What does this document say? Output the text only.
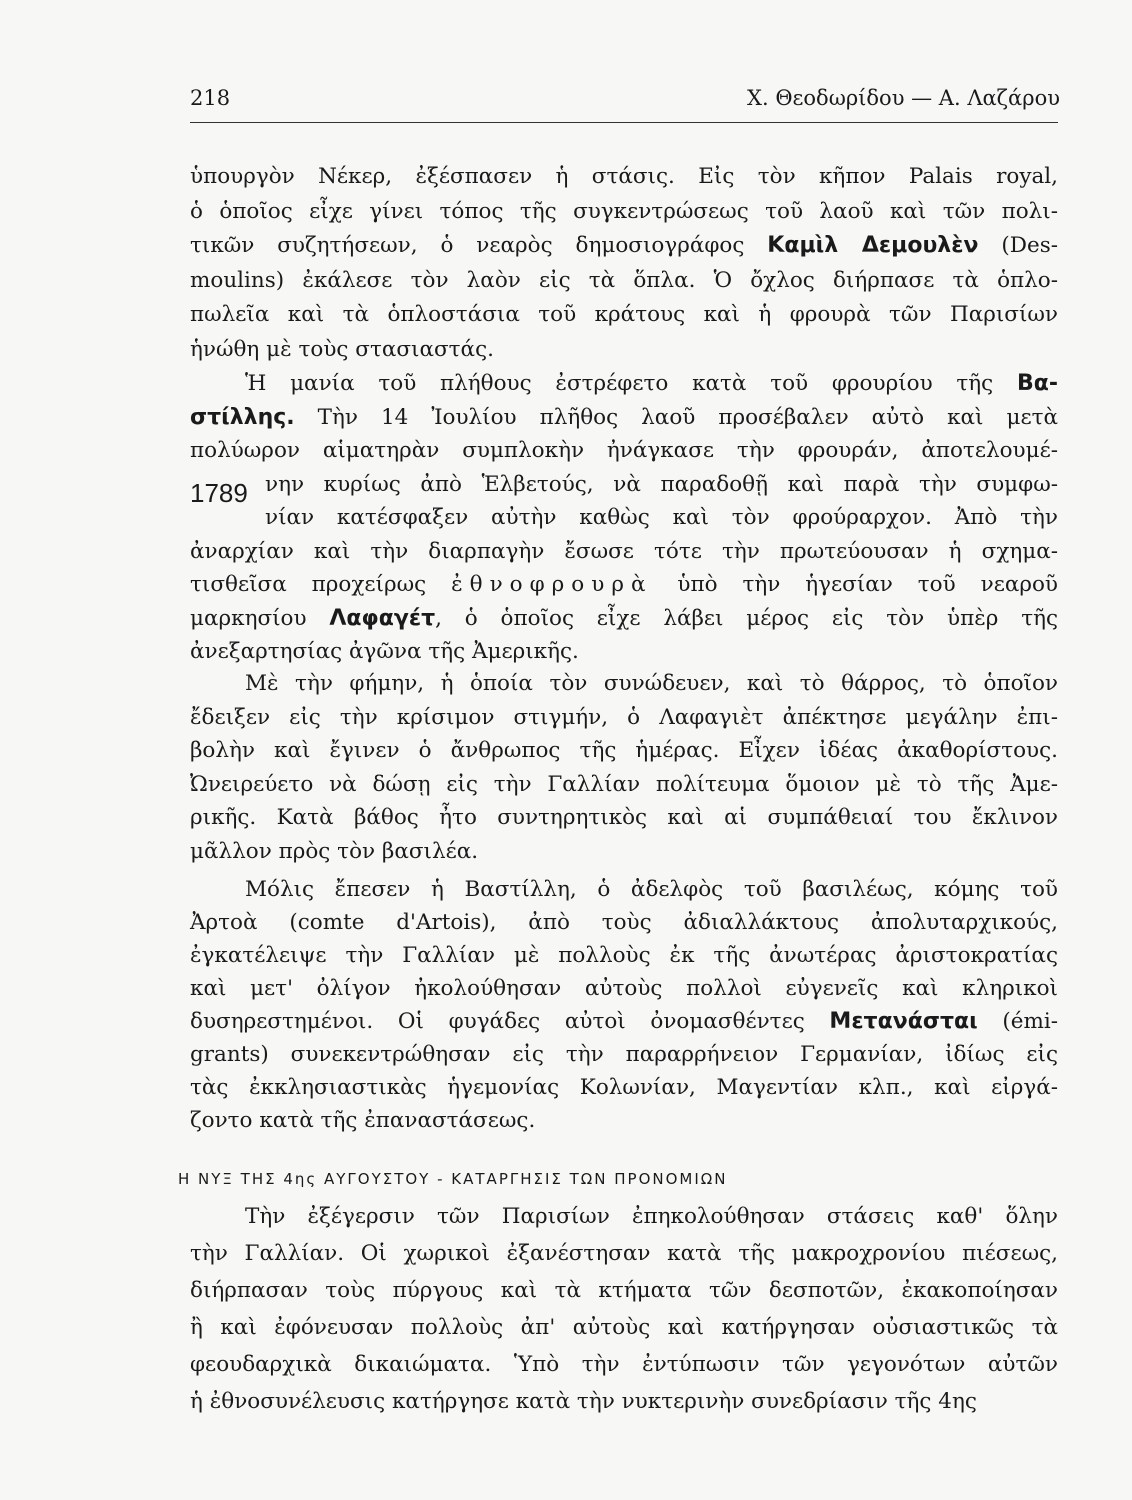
218	Χ. Θεοδωρίδου — Α. Λαζάρου
ὑπουργὸν Νέκερ, ἐξέσπασεν ἡ στάσις. Εἰς τὸν κῆπον Palais royal,
ὁ ὁποῖος εἶχε γίνει τόπος τῆς συγκεντρώσεως τοῦ λαοῦ καὶ τῶν πολι-
τικῶν συζητήσεων, ὁ νεαρὸς δημοσιογράφος Καμὶλ Δεμουλὲν (Des-
moulins) ἐκάλεσε τὸν λαὸν εἰς τὰ ὅπλα. Ὁ ὄχλος διήρπασε τὰ ὁπλο-
πωλεῖα καὶ τὰ ὁπλοστάσια τοῦ κράτους καὶ ἡ φρουρὰ τῶν Παρισίων
ἡνώθη μὲ τοὺς στασιαστάς.
Ἡ μανία τοῦ πλήθους ἐστρέφετο κατὰ τοῦ φρουρίου τῆς Βα-
στίλλης. Τὴν 14 Ἰουλίου πλῆθος λαοῦ προσέβαλεν αὐτὸ καὶ μετὰ
πολύωρον αἱματηρὰν συμπλοκὴν ἠνάγκασε τὴν φρουράν, ἀποτελουμέ-
νην κυρίως ἀπὸ Ἑλβετούς, νὰ παραδοθῇ καὶ παρὰ τὴν συμφω-
νίαν κατέσφαξεν αὐτὴν καθὼς καὶ τὸν φρούραρχον. Ἀπὸ τὴν
ἀναρχίαν καὶ τὴν διαρπαγὴν ἔσωσε τότε τὴν πρωτεύουσαν ἡ σχημα-
τισθεῖσα προχείρως ἐθνοφρουρὰ ὑπὸ τὴν ἡγεσίαν τοῦ νεαροῦ
μαρκησίου Λαφαγέτ, ὁ ὁποῖος εἶχε λάβει μέρος εἰς τὸν ὑπὲρ τῆς
ἀνεξαρτησίας ἀγῶνα τῆς Ἀμερικῆς.
Μὲ τὴν φήμην, ἡ ὁποία τὸν συνώδευεν, καὶ τὸ θάρρος, τὸ ὁποῖον
ἔδειξεν εἰς τὴν κρίσιμον στιγμήν, ὁ Λαφαγιὲτ ἀπέκτησε μεγάλην ἐπι-
βολὴν καὶ ἔγινεν ὁ ἄνθρωπος τῆς ἡμέρας. Εἶχεν ἰδέας ἀκαθορίστους.
Ὠνειρεύετο νὰ δώσῃ εἰς τὴν Γαλλίαν πολίτευμα ὅμοιον μὲ τὸ τῆς Ἀμε-
ρικῆς. Κατὰ βάθος ἦτο συντηρητικὸς καὶ αἱ συμπάθειαί του ἔκλινον
μᾶλλον πρὸς τὸν βασιλέα.
Μόλις ἔπεσεν ἡ Βαστίλλη, ὁ ἀδελφὸς τοῦ βασιλέως, κόμης τοῦ
Ἀρτοὰ (comte d'Artois), ἀπὸ τοὺς ἀδιαλλάκτους ἀπολυταρχικούς,
ἐγκατέλειψε τὴν Γαλλίαν μὲ πολλοὺς ἐκ τῆς ἀνωτέρας ἀριστοκρατίας
καὶ μετ' ὀλίγον ἠκολούθησαν αὐτοὺς πολλοὶ εὐγενεῖς καὶ κληρικοὶ
δυσηρεστημένοι. Οἱ φυγάδες αὐτοὶ ὀνομασθέντες Μετανάσται (émi-
grants) συνεκεντρώθησαν εἰς τὴν παραρρήνειον Γερμανίαν, ἰδίως εἰς
τὰς ἐκκλησιαστικὰς ἡγεμονίας Κολωνίαν, Μαγεντίαν κλπ., καὶ εἰργά-
ζοντο κατὰ τῆς ἐπαναστάσεως.
Τὴν ἐξέγερσιν τῶν Παρισίων ἐπηκολούθησαν στάσεις καθ' ὅλην
τὴν Γαλλίαν. Οἱ χωρικοὶ ἐξανέστησαν κατὰ τῆς μακροχρονίου πιέσεως,
διήρπασαν τοὺς πύργους καὶ τὰ κτήματα τῶν δεσποτῶν, ἐκακοποίησαν
ἢ καὶ ἐφόνευσαν πολλοὺς ἀπ' αὐτοὺς καὶ κατήργησαν οὐσιαστικῶς τὰ
φεουδαρχικὰ δικαιώματα. Ὑπὸ τὴν ἐντύπωσιν τῶν γεγονότων αὐτῶν
ἡ ἐθνοσυνέλευσις κατήργησε κατὰ τὴν νυκτερινὴν συνεδρίασιν τῆς 4ης
1789
Η ΝΥΞ ΤΗΣ 4ης ΑΥΓΟΥΣΤΟΥ - ΚΑΤΑΡΓΗΣΙΣ ΤΩΝ ΠΡΟΝΟΜΙΩΝ
